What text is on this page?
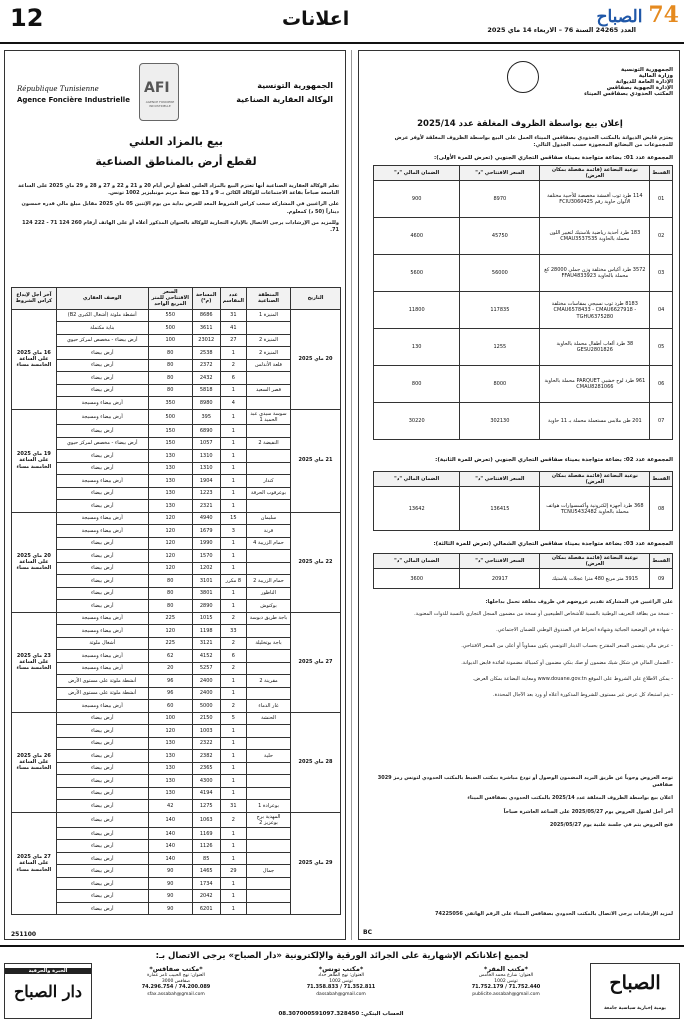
12	اعلانات	العدد 24265 السنة 76 – الاربعاء 14 ماي 2025
74 الصباح
الجمهورية التونسية
وزارة المالية
الإدارة العامة للديوانة
الإدارة الجهوية بصفاقس
المكتب الحدودي بصفاقس الميناء
إعلان بيع بواسطة الظروف المغلقة عدد 2025/14
يعتزم قابض الديوانة بالمكتب الحدودي بصفاقس الميناء العمل على البيع بواسطة الظروف المغلقة لأوفر عرض للمجموعات من البضائع المحجوزة حسب الجدول التالي:
المجموعة عدد 01: بضاعة متواجدة بميناء صفاقس التجاري الجنوبي (تعرض للمرة الأولى):
القسط	نوعية البضاعة (قائمة مفصلة بمكان العرض)	السعر الافتتاحي "د"	الضمان المالي "د"
01	114 طرد ثوب أقمشة مخصصة للأحبية مختلفة الألوان حاوية رقم FCIU3060425	8970	900
02	183 طرد أحذية رياضية بلاستيك لتغيير اللون محملة بالحاوية CMAU3537535	45750	4600
03	3572 طرد أكياس مختلفة وزن جملي 28000 كغ محملة بالحاوية FFAU4833923	56000	5600
04	8183 طرد ثوب نسيجي بمقاسات مختلفة CMAU6578433 - CMAU6627918 - TGHU6375280	117835	11800
05	38 طرد ألعاب أطفال محملة بالحاوية GESU2801826	1255	130
06	961 طرد لوح خشبي PARQUET محملة بالحاوية CMAU8281066	8000	800
07	201 طن ملابس مستعملة محملة بـ 11 حاوية	302130	30220
المجموعة عدد 02: بضاعة متواجدة بميناء صفاقس التجاري الجنوبي (تعرض للمرة الثانية):
القسط	نوعية البضاعة (قائمة مفصلة بمكان العرض)	السعر الافتتاحي "د"	الضمان المالي "د"
08	368 طرد أجهزة إلكترونية وأكسسوارات هواتف محملة بالحاوية TCNU5432482	136415	13642
المجموعة عدد 03: بضاعة متواجدة بميناء صفاقس التجاري الشمالي (تعرض للمرة الثالثة):
القسط	نوعية البضاعة (قائمة مفصلة بمكان العرض)	السعر الافتتاحي "د"	الضمان المالي "د"
09	3915 متر مربع 480 مترا عجلات بلاستيك	20917	3600
على الراغبين في المشاركة تقديم عروضهم في ظروف مغلقة تحمل بداخلها:
- نسخة من بطاقة التعريف الوطنية بالنسبة للأشخاص الطبيعيين أو نسخة من مضمون السجل التجاري بالنسبة للذوات المعنوية.
- شهادة في الوضعية الجبائية وشهادة انخراط في الصندوق الوطني للضمان الاجتماعي.
- عرض مالي يتضمن السعر المقترح بحساب الدينار التونسي يكون مساوياً أو أعلى من السعر الافتتاحي.
- الضمان المالي في شكل شيك مضمون أو صك بنكي مضمون أو كمبيالة مضمونة لفائدة قابض الديوانة.
- يمكن الاطلاع على الشروط على الموقع www.douane.gov.tn ومعاينة البضاعة بمكان العرض.
- يتم استبعاد كل عرض غير مستوف للشروط المذكورة أعلاه أو ورد بعد الآجال المحددة.
توجه العروض وجوباً عن طريق البريد المضمون الوصول أو تودع مباشرة بمكتب الضبط بالمكتب الحدودي لتونس رمز 3029 صفاقس
اعلان بيع بواسطة الظروف المغلقة عدد 2025/14 بالمكتب الحدودي بصفاقس الميناء
آخر أجل لقبول العروض يوم 2025/05/27 على الساعة العاشرة صباحاً
فتح العروض يتم في جلسة علنية يوم 2025/05/27
لمزيد الإرشادات يرجى الاتصال بالمكتب الحدودي بصفاقس الميناء على الرقم الهاتفي 74225056
BC
République Tunisienne
Agence Foncière Industrielle
AFI
AGENCE FONCIERE INDUSTRIELLE
الجمهورية التونسية
الوكالة العقارية الصناعية
بيع بالمزاد العلني
لقطع أرض بالمناطق الصناعية
تعلم الوكالة العقارية الصناعية أنها تعتزم البيع بالمزاد العلني لقطع أرض أيام 20 و 21 و 22 و 27 و 28 و 29 ماي 2025 على الساعة التاسعة صباحاً بقاعة الاجتماعات للوكالة الكائن بـ 9 و 13 نهج شط مريم مونبليزير 1002 تونس.
على الراغبين في المشاركة سحب كراس الشروط المعد للغرض بداية من يوم الإثنين 05 ماي 2025 مقابل مبلغ مالي قدره خمسون ديناراً (50 د) كمعلوم.
وللمزيد من الإرشادات يرجى الاتصال بالإدارة التجارية للوكالة بالعنوان المذكور أعلاه أو على الهاتف أرقام 260 124 71 - 222 124 71.
التاريخ	المنطقة الصناعية	عدد المقاسم	المساحة (م²)	السعر الافتتاحي للمتر المربع الواحد	الوصف العقاري	آخر أجل لإيداع كراس الشروط
20 ماي 2025	المنيزة 1	31	8686	550	أنشطة ملوثة (أشغال الكبرى B2)	16 ماي 2025 على الساعة الخامسة مساء
		41	3611	500	بناية مكتملة	
	المنيزة 2	27	23012	100	أرض بيضاء - مخصص لمركز حيوي	
	المنيزة 2	1	2538	80	أرض بيضاء	
	قلعة الأندلس	2	2372	80	أرض بيضاء	
		6	2432	80	أرض بيضاء	
	قصر السعيد	1	5818	80	أرض بيضاء	
		4	8980	350	أرض بيضاء ومسيجة	
21 ماي 2025	سوسة سيدي عبد الحميد 1	1	395	500	أرض بيضاء ومسيجة	19 ماي 2025 على الساعة الخامسة مساء
		1	6890	150	أرض بيضاء	
	النفيضة 2	1	1057	150	أرض بيضاء - مخصص لمركز حيوي	
		1	1310	130	أرض بيضاء	
		1	1310	130	أرض بيضاء	
	كندار	1	1904	130	أرض بيضاء ومسيجة	
	بوعرقوب الحرقة	1	1223	130	أرض بيضاء	
		1	2321	130	أرض بيضاء	
22 ماي 2025	سليمان	15	4940	120	أرض بيضاء ومسيجة	20 ماي 2025 على الساعة الخامسة مساء
	قرنة	3	1679	120	أرض بيضاء ومسيجة	
	حمام الزريبة 4	1	1990	120	أرض بيضاء	
		1	1570	120	أرض بيضاء	
		1	1202	120	أرض بيضاء	
	حمام الزريبة 2	8 مكرر	3101	80	أرض بيضاء	
	الناظور	1	3801	80	أرض بيضاء	
	بوكنوش	1	2890	80	أرض بيضاء	
27 ماي 2025	باجة طريق دبوسة	2	1015	225	أرض بيضاء ومسيجة	23 ماي 2025 على الساعة الخامسة مساء
		33	1198	120	أرض بيضاء ومسيجة	
	باجة بوتخليلة	2	3121	225	أشغال ملوثة	
		6	4152	62	أرض بيضاء ومسيجة	
		2	5257	20	أرض بيضاء ومسيجة	
	مقرينة 2	1	2400	96	أنشطة ملوثة على مستوى الأرض	
		1	2400	96	أنشطة ملوثة على مستوى الأرض	
	غار الدماء	2	5000	60	أرض بيضاء ومسيجة	
28 ماي 2025	الحنشة	5	2150	100	أرض بيضاء	26 ماي 2025 على الساعة الخامسة مساء
		1	1003	120	أرض بيضاء	
		1	2322	130	أرض بيضاء	
	حلية	1	2382	130	أرض بيضاء	
		1	2365	130	أرض بيضاء	
		1	4300	130	أرض بيضاء	
		1	4194	130	أرض بيضاء	
	بوعرادة 1	31	1275	42	أرض بيضاء	
29 ماي 2025	المهدية برج بوعزيز 2	2	1063	140	أرض بيضاء	27 ماي 2025 على الساعة الخامسة مساء
		1	1169	140	أرض بيضاء	
		1	1126	140	أرض بيضاء	
		1	85	140	أرض بيضاء	
	جمال	29	1465	90	أرض بيضاء	
		1	1734	90	أرض بيضاء	
		1	2042	90	أرض بيضاء	
		1	6201	90	أرض بيضاء	
251100
لجميع إعلاناتكم الإشهارية على الجرائد الورقية والإلكترونية «دار الصباح» يرجى الاتصال بـ:
الخبرة والحرفية
دار الصباح	الصباح
يومية إخبارية سياسية جامعة
*مكتب صفاقس*
العنوان: نهج الحبيب ثامر عمارة
صفاقس 3000
74.200.089 / 74.296.754
sfax.assabah@gmail.com
*مكتب تونس*
العنوان: نهج الطاهر حداد
تونس 1002
71.352.811 / 71.358.833
dassabah@gmail.com
*مكتب المقر*
العنوان: شارع محمد الخامس
تونس 1002
71.752.440 / 71.752.179
publicite.assabah@gmail.com
الحساب البنكي: 08.307000591097.328450
